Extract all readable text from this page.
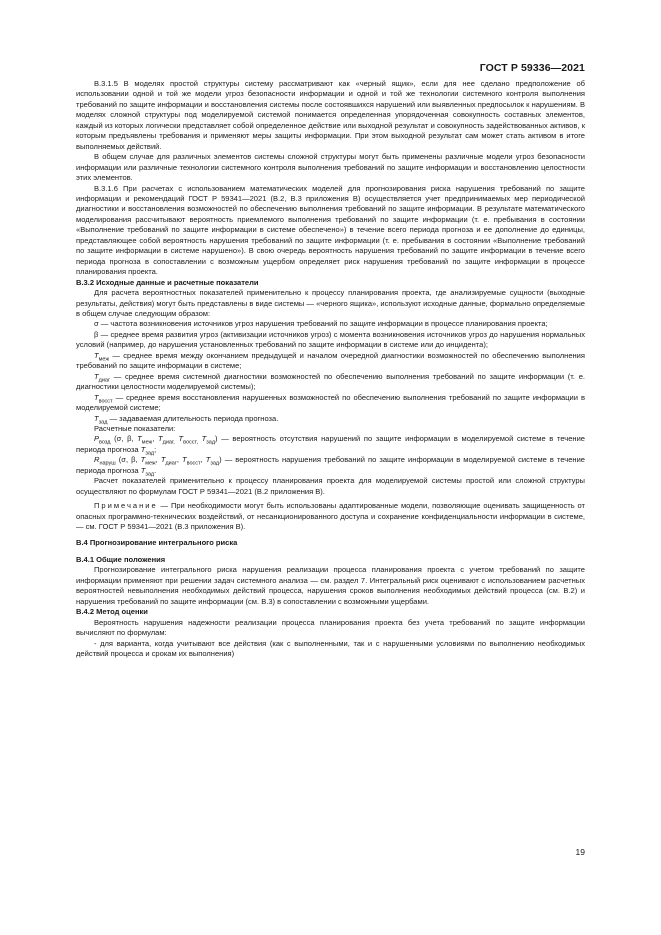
ГОСТ Р 59336—2021

В.3.1.5 В моделях простой структуры систему рассматривают как «черный ящик», если для нее сделано предположение об использовании одной и той же модели угроз безопасности информации и одной и той же технологии системного контроля выполнения требований по защите информации и восстановления системы после состоявшихся нарушений или выявленных предпосылок к нарушениям. В моделях сложной структуры под моделируемой системой понимается определенная упорядоченная совокупность составных элементов, каждый из которых логически представляет собой определенное действие или выходной результат и совокупность задействованных активов, к которым предъявлены требования и применяют меры защиты информации. При этом выходной результат сам может стать активом в итоге выполняемых действий.

В общем случае для различных элементов системы сложной структуры могут быть применены различные модели угроз безопасности информации или различные технологии системного контроля выполнения требований по защите информации и восстановлению целостности этих элементов.

В.3.1.6 При расчетах с использованием математических моделей для прогнозирования риска нарушения требований по защите информации и рекомендаций ГОСТ Р 59341—2021 (В.2, В.3 приложения В) осуществляется учет предпринимаемых мер периодической диагностики и восстановления возможностей по обеспечению выполнения требований по защите информации. В результате математического моделирования рассчитывают вероятность приемлемого выполнения требований по защите информации (т. е. пребывания в состоянии «Выполнение требований по защите информации в системе обеспечено») в течение всего периода прогноза и ее дополнение до единицы, представляющее собой вероятность нарушения требований по защите информации (т. е. пребывания в состоянии «Выполнение требований по защите информации в системе нарушено»). В свою очередь вероятность нарушения требований по защите информации в течение всего периода прогноза в сопоставлении с возможным ущербом определяет риск нарушения требований по защите информации в процессе планирования проекта.

В.3.2 Исходные данные и расчетные показатели

Для расчета вероятностных показателей применительно к процессу планирования проекта, где анализируемые сущности (выходные результаты, действия) могут быть представлены в виде системы — «черного ящика», используют исходные данные, формально определяемые в общем случае следующим образом:

σ — частота возникновения источников угроз нарушения требований по защите информации в процессе планирования проекта;

β — среднее время развития угроз (активизации источников угроз) с момента возникновения источников угроз до нарушения нормальных условий (например, до нарушения установленных требований по защите информации в системе или до инцидента);

$T_{меж}$ — среднее время между окончанием предыдущей и началом очередной диагностики возможностей по обеспечению выполнения требований по защите информации в системе;

$T_{диаг}$ — среднее время системной диагностики возможностей по обеспечению выполнения требований по защите информации (т. е. диагностики целостности моделируемой системы);

$T_{восст}$ — среднее время восстановления нарушенных возможностей по обеспечению выполнения требований по защите информации в моделируемой системе;

$T_{зад}$ — задаваемая длительность периода прогноза.

Расчетные показатели:

$P_{возд}$ (σ, β, $T_{меж}$, $T_{диаг,}$ $T_{восст,}$ $T_{зад}$) — вероятность отсутствия нарушений по защите информации в моделируемой системе в течение периода прогноза $T_{зад}$;

$R_{наруш}$ (σ, β, $T_{меж}$, $T_{диаг}$, $T_{восст}$, $T_{зад}$) — вероятность нарушения требований по защите информации в моделируемой системе в течение периода прогноза $T_{зад}$.

Расчет показателей применительно к процессу планирования проекта для моделируемой системы простой или сложной структуры осуществляют по формулам ГОСТ Р 59341—2021 (В.2 приложения В).

Примечание — При необходимости могут быть использованы адаптированные модели, позволяющие оценивать защищенность от опасных программно-технических воздействий, от несанкционированного доступа и сохранение конфиденциальности информации в системе, — см. ГОСТ Р 59341—2021 (В.3 приложения В).

В.4 Прогнозирование интегрального риска

В.4.1 Общие положения

Прогнозирование интегрального риска нарушения реализации процесса планирования проекта с учетом требований по защите информации применяют при решении задач системного анализа — см. раздел 7. Интегральный риск оценивают с использованием расчетных вероятностей невыполнения необходимых действий процесса, нарушения сроков выполнения необходимых действий процесса (см. В.2) и нарушения требований по защите информации (см. В.3) в сопоставлении с возможными ущербами.

В.4.2 Метод оценки

Вероятность нарушения надежности реализации процесса планирования проекта без учета требований по защите информации вычисляют по формулам:

- для варианта, когда учитывают все действия (как с выполненными, так и с нарушенными условиями по выполнению необходимых действий процесса и срокам их выполнения)

19
